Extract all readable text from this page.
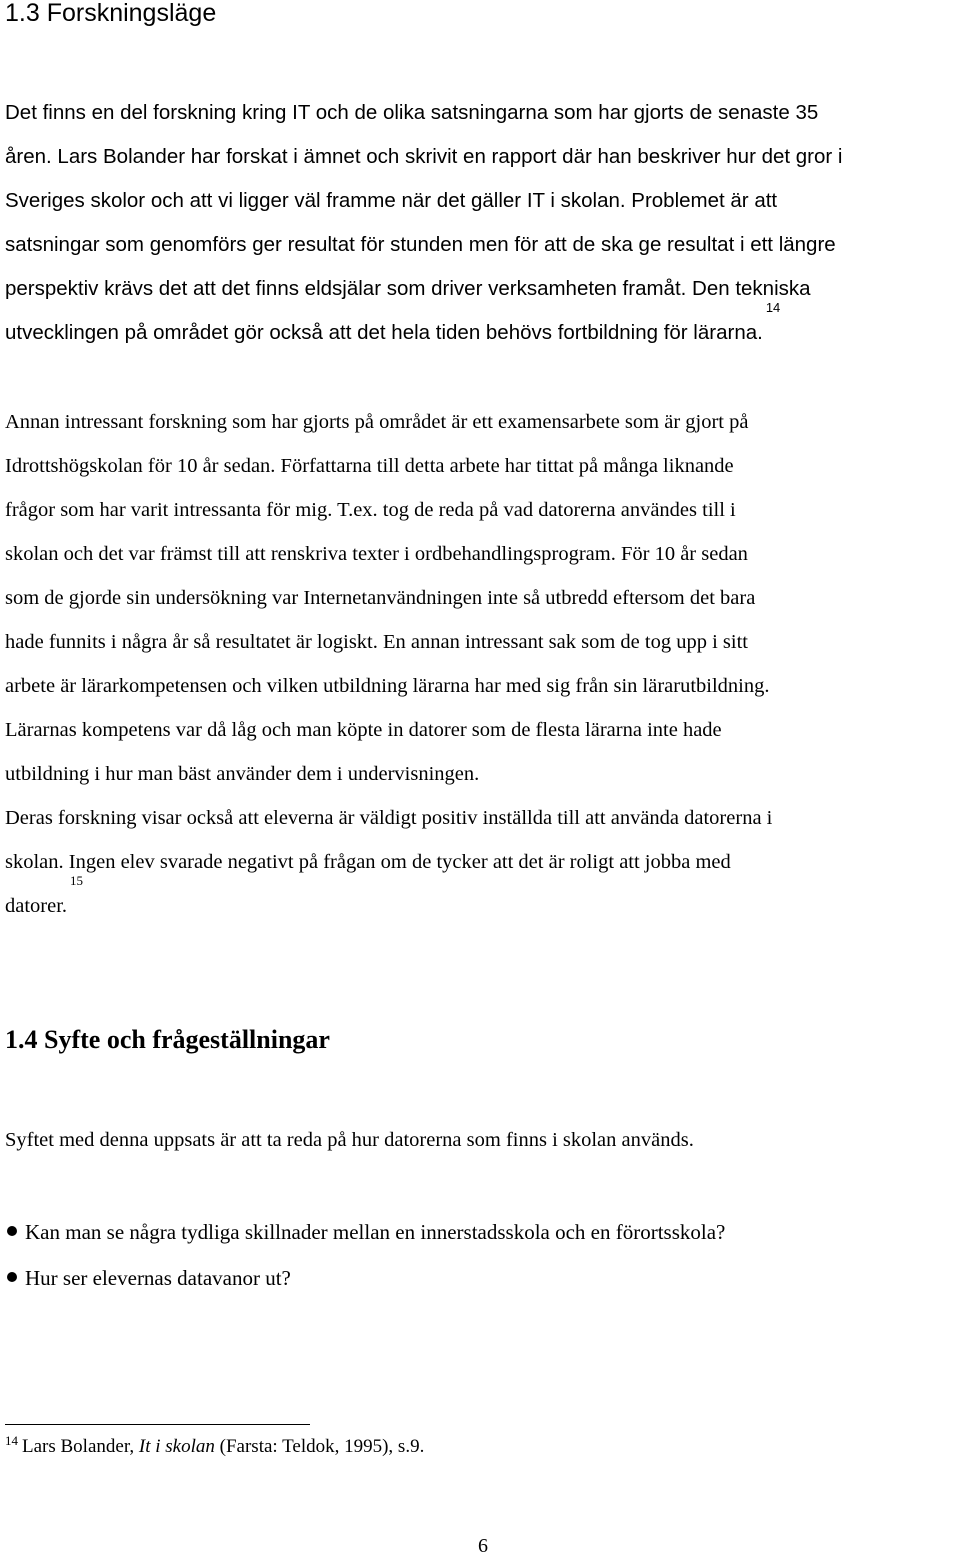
1.3 Forskningsläge
Det finns en del forskning kring IT och de olika satsningarna som har gjorts de senaste 35
åren. Lars Bolander har forskat i ämnet och skrivit en rapport där han beskriver hur det gror i
Sveriges skolor och att vi ligger väl framme när det gäller IT i skolan. Problemet är att
satsningar som genomförs ger resultat för stunden men för att de ska ge resultat i ett längre
perspektiv krävs det att det finns eldsjälar som driver verksamheten framåt. Den tekniska
utvecklingen på området gör också att det hela tiden behövs fortbildning för lärarna.$^{14}$
Annan intressant forskning som har gjorts på området är ett examensarbete som är gjort på
Idrottshögskolan för 10 år sedan. Författarna till detta arbete har tittat på många liknande
frågor som har varit intressanta för mig. T.ex. tog de reda på vad datorerna användes till i
skolan och det var främst till att renskriva texter i ordbehandlingsprogram. För 10 år sedan
som de gjorde sin undersökning var Internetanvändningen inte så utbredd eftersom det bara
hade funnits i några år så resultatet är logiskt. En annan intressant sak som de tog upp i sitt
arbete är lärarkompetensen och vilken utbildning lärarna har med sig från sin lärarutbildning.
Lärarnas kompetens var då låg och man köpte in datorer som de flesta lärarna inte hade
utbildning i hur man bäst använder dem i undervisningen.
Deras forskning visar också att eleverna är väldigt positiv inställda till att använda datorerna i
skolan. Ingen elev svarade negativt på frågan om de tycker att det är roligt att jobba med
datorer.$^{15}$
1.4 Syfte och frågeställningar
Syftet med denna uppsats är att ta reda på hur datorerna som finns i skolan används.
Kan man se några tydliga skillnader mellan en innerstadsskola och en förortsskola?
Hur ser elevernas datavanor ut?

$^{14}$ Lars Bolander, It i skolan (Farsta: Teldok, 1995), s.9.

6
